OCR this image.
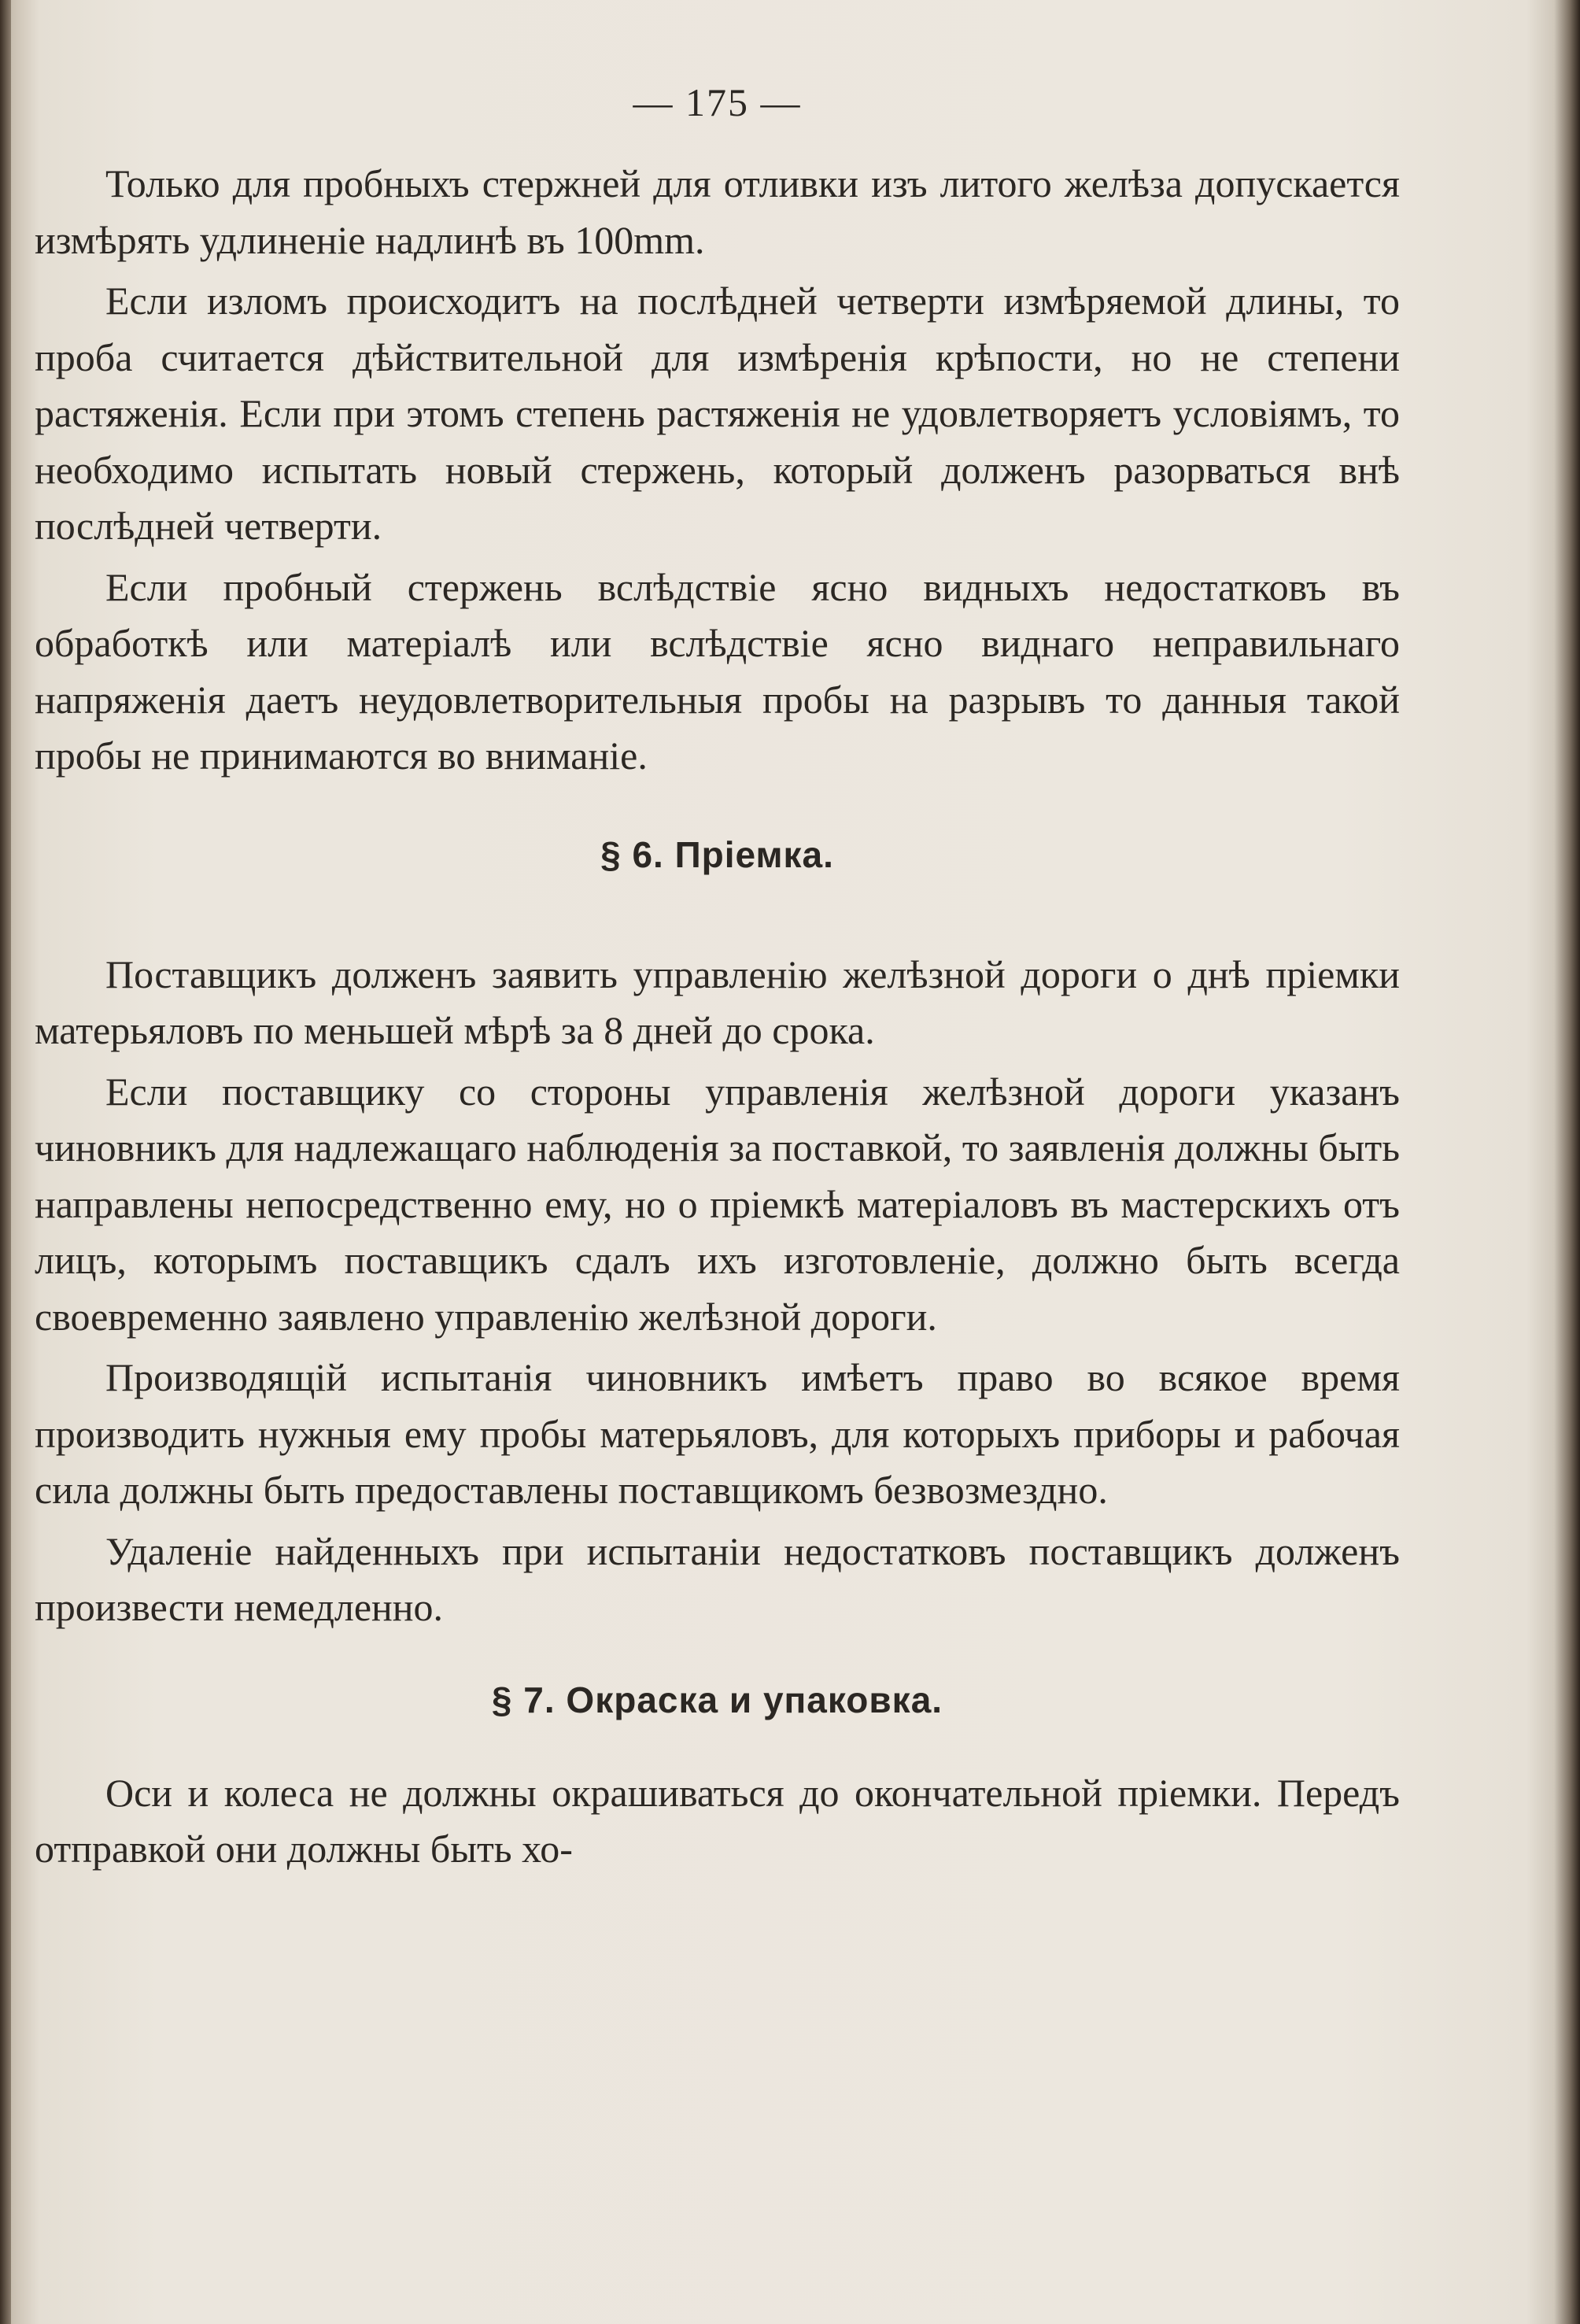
— 175 —

Только для пробныхъ стержней для отливки изъ литого желѣза допускается измѣрять удлиненіе надлинѣ въ 100mm.

Если изломъ происходитъ на послѣдней четверти измѣряемой длины, то проба считается дѣйствительной для измѣренія крѣпости, но не степени растяженія. Если при этомъ степень растяженія не удовлетворяетъ условіямъ, то необходимо испытать новый стержень, который долженъ разорваться внѣ послѣдней четверти.

Если пробный стержень вслѣдствіе ясно видныхъ недостатковъ въ обработкѣ или матеріалѣ или вслѣдствіе ясно виднаго неправильнаго напряженія даетъ неудовлетворительныя пробы на разрывъ то данныя такой пробы не принимаются во вниманіе.

§ 6. Пріемка.

Поставщикъ долженъ заявить управленію желѣзной дороги о днѣ пріемки матерьяловъ по меньшей мѣрѣ за 8 дней до срока.

Если поставщику со стороны управленія желѣзной дороги указанъ чиновникъ для надлежащаго наблюденія за поставкой, то заявленія должны быть направлены непосредственно ему, но о пріемкѣ матеріаловъ въ мастерскихъ отъ лицъ, которымъ поставщикъ сдалъ ихъ изготовленіе, должно быть всегда своевременно заявлено управленію желѣзной дороги.

Производящій испытанія чиновникъ имѣетъ право во всякое время производить нужныя ему пробы матерьяловъ, для которыхъ приборы и рабочая сила должны быть предоставлены поставщикомъ безвозмездно.

Удаленіе найденныхъ при испытаніи недостатковъ поставщикъ долженъ произвести немедленно.

§ 7. Окраска и упаковка.

Оси и колеса не должны окрашиваться до окончательной пріемки. Передъ отправкой они должны быть хо-
